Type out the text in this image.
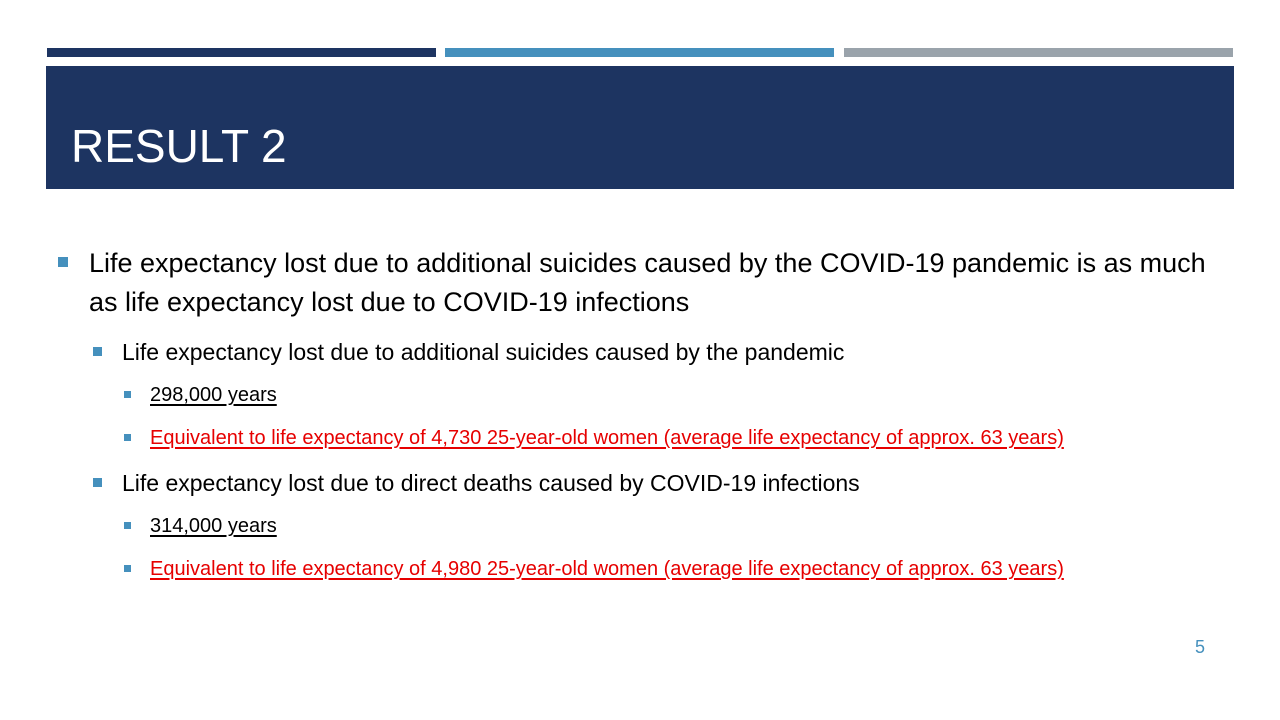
RESULT 2
Life expectancy lost due to additional suicides caused by the COVID-19 pandemic is as much as life expectancy lost due to COVID-19 infections
Life expectancy lost due to additional suicides caused by the pandemic
298,000 years
Equivalent to life expectancy of 4,730 25-year-old women (average life expectancy of approx. 63 years)
Life expectancy lost due to direct deaths caused by COVID-19 infections
314,000 years
Equivalent to life expectancy of 4,980 25-year-old women (average life expectancy of approx. 63 years)
5
